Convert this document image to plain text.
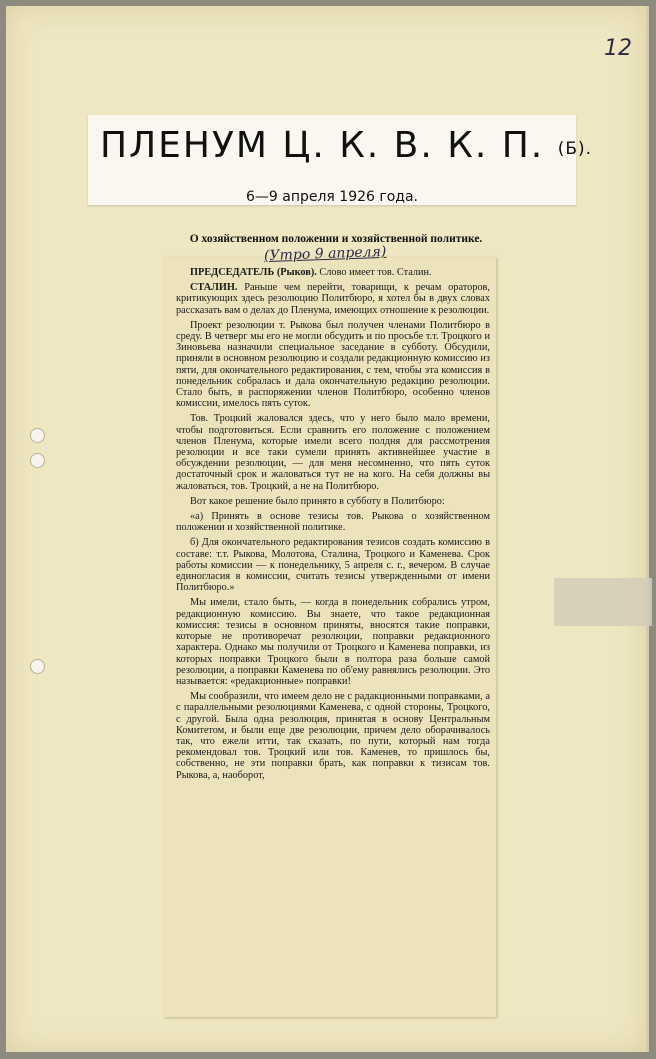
12
ПЛЕНУМ Ц. К. В. К. П. (Б).
6—9 апреля 1926 года.
О хозяйственном положении и хозяйственной политике.

ПРЕДСЕДАТЕЛЬ (Рыков). Слово имеет тов. Сталин.

СТАЛИН. Раньше чем перейти, товарищи, к речам ораторов, критикующих здесь резолюцию Политбюро, я хотел бы в двух словах рассказать вам о делах до Пленума, имеющих отношение к резолюции.

Проект резолюции т. Рыкова был получен членами Политбюро в среду. В четверг мы его не могли обсудить и по просьбе т.т. Троцкого и Зиновьева назначили специальное заседание в субботу. Обсудили, приняли в основном резолюцию и создали редакционную комиссию из пяти, для окончательного редактирования, с тем, чтобы эта комиссия в понедельник собралась и дала окончательную редакцию резолюции. Стало быть, в распоряжении членов Политбюро, особенно членов комиссии, имелось пять суток.

Тов. Троцкий жаловался здесь, что у него было мало времени, чтобы подготовиться. Если сравнить его положение с положением членов Пленума, которые имели всего полдня для рассмотрения резолюции и все таки сумели принять активнейшее участие в обсуждении резолюции, — для меня несомненно, что пять суток достаточный срок и жаловаться тут не на кого. На себя должны вы жаловаться, тов. Троцкий, а не на Политбюро.

Вот какое решение было принято в субботу в Политбюро:

«а) Принять в основе тезисы тов. Рыкова о хозяйственном положении и хозяйственной политике.

б) Для окончательного редактирования тезисов создать комиссию в составе: т.т. Рыкова, Молотова, Сталина, Троцкого и Каменева. Срок работы комиссии — к понедельнику, 5 апреля с. г., вечером. В случае единогласия в комиссии, считать тезисы утвержденными от имени Политбюро.»

Мы имели, стало быть, — когда в понедельник собрались утром, редакционную комиссию. Вы знаете, что такое редакционная комиссия: тезисы в основном приняты, вносятся такие поправки, которые не противоречат резолюции, поправки редакционного характера. Однако мы получили от Троцкого и Каменева поправки, из которых поправки Троцкого были в полтора раза больше самой резолюции, а поправки Каменева по об'ему равнялись резолюции. Это называется: «редакционные» поправки!

Мы сообразили, что имеем дело не с радакционными поправками, а с параллельными резолюциями Каменева, с одной стороны, Троцкого, с другой. Была одна резолюция, принятая в основу Центральным Комитетом, и были еще две резолюции, причем дело оборачивалось так, что ежели итти, так сказать, по пути, который нам тогда рекомендовал тов. Троцкий или тов. Каменев, то пришлось бы, собственно, не эти поправки брать, как поправки к тизисам тов. Рыкова, а, наоборот,

(Утро 9 апреля)
